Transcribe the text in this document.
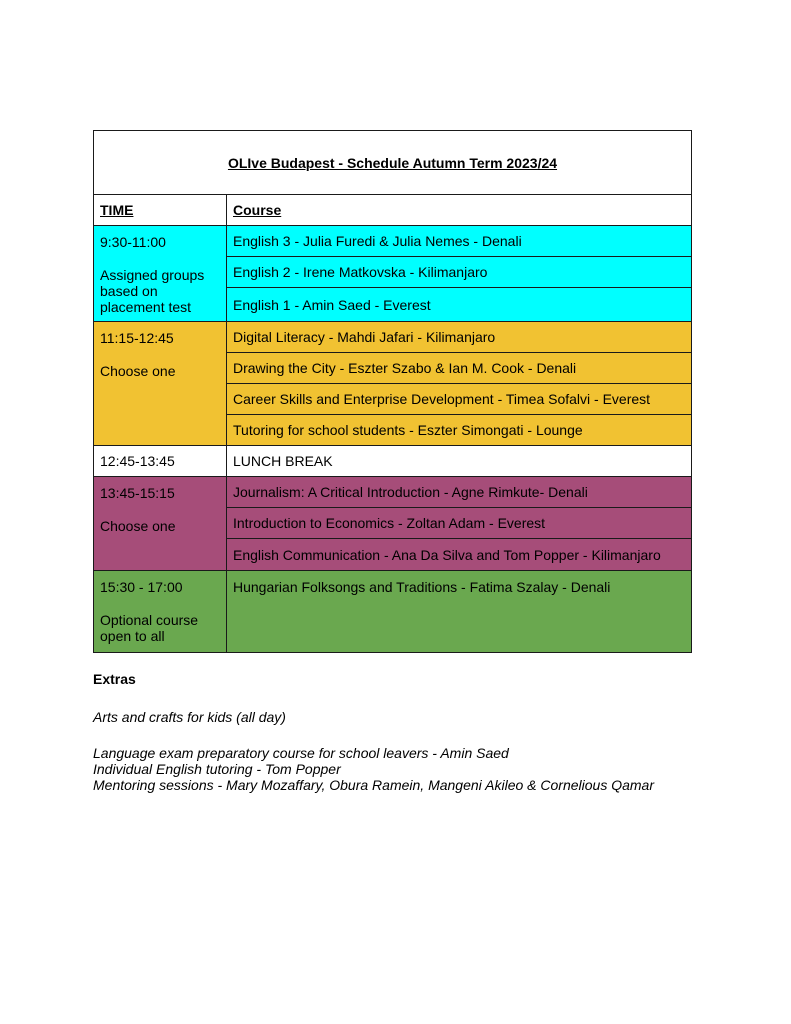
OLIve Budapest - Schedule Autumn Term 2023/24	
TIME	Course

9:30-11:00
Assigned groups based on placement test	English 3 - Julia Furedi & Julia Nemes - Denali
	English 2 - Irene Matkovska - Kilimanjaro
	English 1 - Amin Saed - Everest

11:15-12:45
Choose one	Digital Literacy - Mahdi Jafari - Kilimanjaro
	Drawing the City - Eszter Szabo & Ian M. Cook - Denali
	Career Skills and Enterprise Development - Timea Sofalvi - Everest
	Tutoring for school students - Eszter Simongati - Lounge
12:45-13:45	LUNCH BREAK

13:45-15:15
Choose one	Journalism: A Critical Introduction - Agne Rimkute- Denali
	Introduction to Economics - Zoltan Adam - Everest
	English Communication - Ana Da Silva and Tom Popper - Kilimanjaro

15:30 - 17:00
Optional course open to all	Hungarian Folksongs and Traditions - Fatima Szalay - Denali
Extras
Arts and crafts for kids (all day)
Language exam preparatory course for school leavers - Amin Saed
Individual English tutoring - Tom Popper
Mentoring sessions - Mary Mozaffary, Obura Ramein, Mangeni Akileo & Cornelious Qamar
